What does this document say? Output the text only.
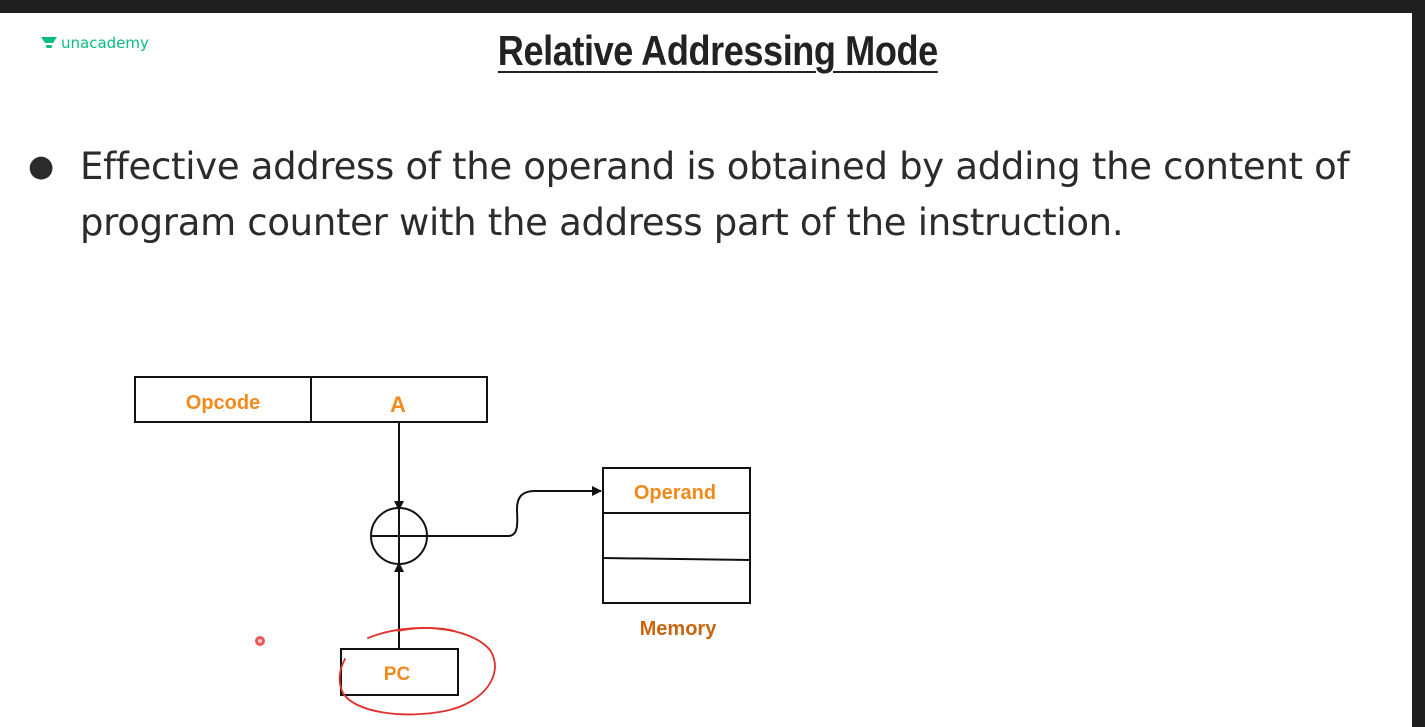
unacademy	Relative Addressing Mode
● Effective address of the operand is obtained by adding the content of program counter with the address part of the instruction.
Opcode	A
Operand
Memory
PC
